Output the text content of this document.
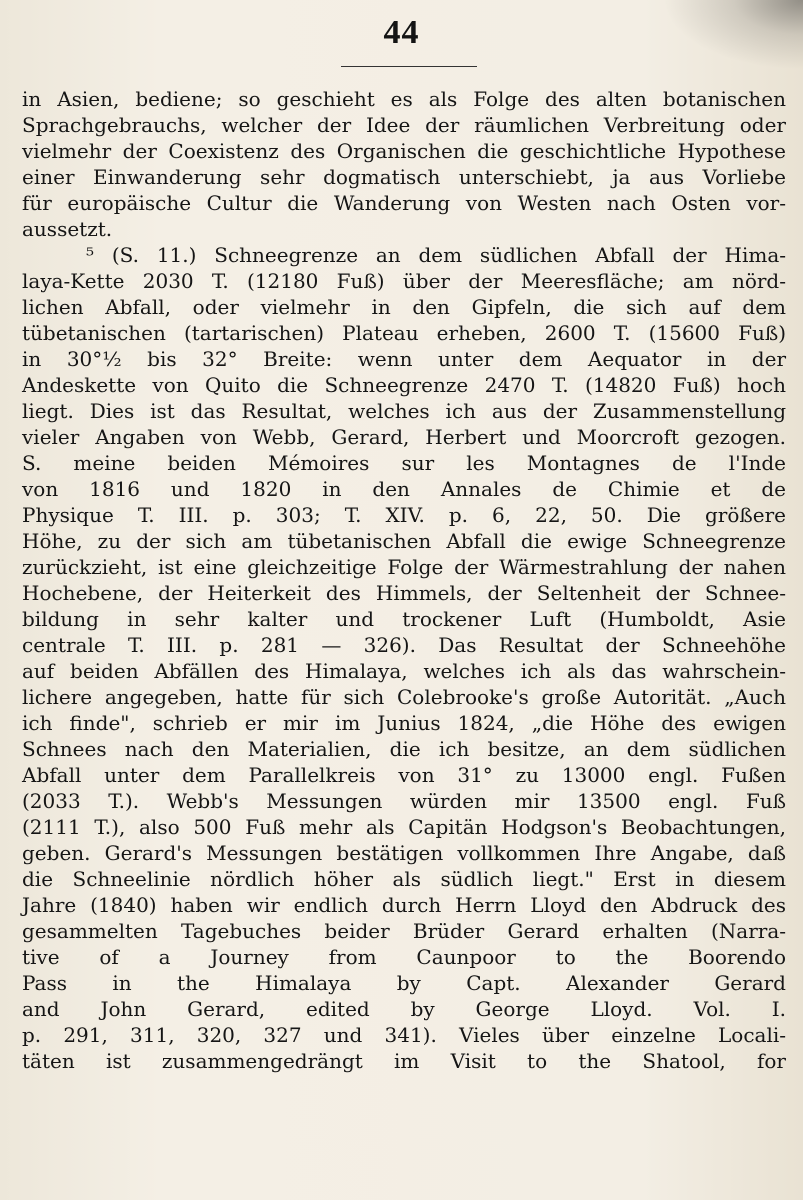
44
in Asien, bediene; so geschieht es als Folge des alten botanischen
Sprachgebrauchs, welcher der Idee der räumlichen Verbreitung oder
vielmehr der Coexistenz des Organischen die geschichtliche Hypothese
einer Einwanderung sehr dogmatisch unterschiebt, ja aus Vorliebe
für europäische Cultur die Wanderung von Westen nach Osten vor-
aussetzt.
⁵ (S. 11.) Schneegrenze an dem südlichen Abfall der Hima-
laya-Kette 2030 T. (12180 Fuß) über der Meeresfläche; am nörd-
lichen Abfall, oder vielmehr in den Gipfeln, die sich auf dem
tübetanischen (tartarischen) Plateau erheben, 2600 T. (15600 Fuß)
in 30°½ bis 32° Breite: wenn unter dem Aequator in der
Andeskette von Quito die Schneegrenze 2470 T. (14820 Fuß) hoch
liegt. Dies ist das Resultat, welches ich aus der Zusammenstellung
vieler Angaben von Webb, Gerard, Herbert und Moorcroft gezogen.
S. meine beiden Mémoires sur les Montagnes de l'Inde
von 1816 und 1820 in den Annales de Chimie et de
Physique T. III. p. 303; T. XIV. p. 6, 22, 50. Die größere
Höhe, zu der sich am tübetanischen Abfall die ewige Schneegrenze
zurückzieht, ist eine gleichzeitige Folge der Wärmestrahlung der nahen
Hochebene, der Heiterkeit des Himmels, der Seltenheit der Schnee-
bildung in sehr kalter und trockener Luft (Humboldt, Asie
centrale T. III. p. 281 — 326). Das Resultat der Schneehöhe
auf beiden Abfällen des Himalaya, welches ich als das wahrschein-
lichere angegeben, hatte für sich Colebrooke's große Autorität. „Auch
ich finde", schrieb er mir im Junius 1824, „die Höhe des ewigen
Schnees nach den Materialien, die ich besitze, an dem südlichen
Abfall unter dem Parallelkreis von 31° zu 13000 engl. Fußen
(2033 T.). Webb's Messungen würden mir 13500 engl. Fuß
(2111 T.), also 500 Fuß mehr als Capitän Hodgson's Beobachtungen,
geben. Gerard's Messungen bestätigen vollkommen Ihre Angabe, daß
die Schneelinie nördlich höher als südlich liegt." Erst in diesem
Jahre (1840) haben wir endlich durch Herrn Lloyd den Abdruck des
gesammelten Tagebuches beider Brüder Gerard erhalten (Narra-
tive of a Journey from Caunpoor to the Boorendo
Pass in the Himalaya by Capt. Alexander Gerard
and John Gerard, edited by George Lloyd. Vol. I.
p. 291, 311, 320, 327 und 341). Vieles über einzelne Locali-
täten ist zusammengedrängt im Visit to the Shatool, for
